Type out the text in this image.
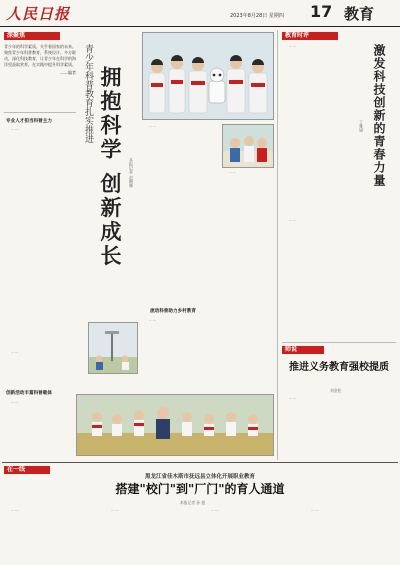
人民日报	2023年8月28日 星期四 17 教育
深聚焦
青少年的科学素质，关乎着国家的未来。聚焦青少年科普教育，系统设计、多方联动，深化科技教育，让青少年在科学的海洋里汲取营养，在实践中提升科学素质。
——编者
专业人才担当科普主力

……	青少年科普教育扎实推进 拥抱科学 创新成长 本报记者 赵婀娜

……

……

流动科普助力乡村教育

……

……

创新活动丰富科普载体

……

教育时评

……	激发科技创新的青春力量
丁雅诵

……

师说
推进义务教育强校提质
刘金松

……

在一线
黑龙江省佳木斯市抚远县立体化开展职业教育
搭建"校门"到"厂门"的育人通道
本报记者 孙 超

……	……	……	……
